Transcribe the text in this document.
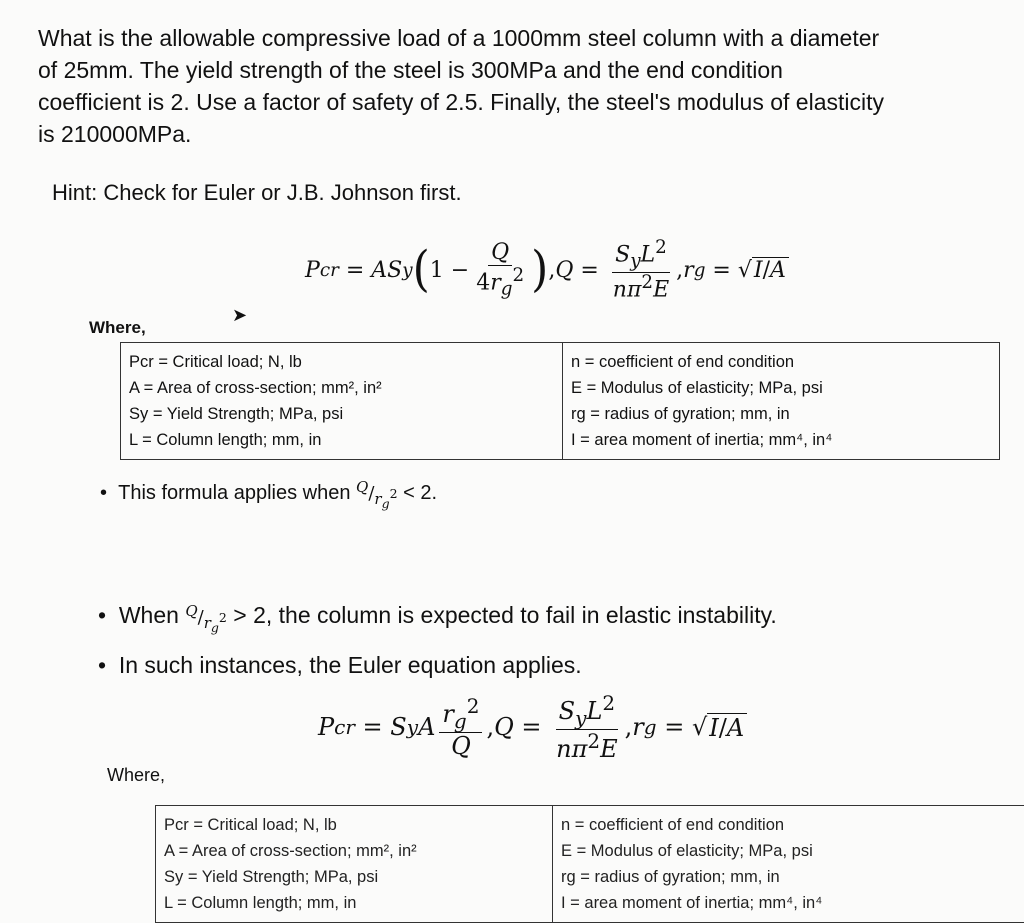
What is the allowable compressive load of a 1000mm steel column with a diameter
of 25mm. The yield strength of the steel is 300MPa and the end condition
coefficient is 2. Use a factor of safety of 2.5. Finally, the steel's modulus of elasticity
is 210000MPa.
Hint: Check for Euler or J.B. Johnson first.
P cr = AS y ( $1 - \frac{Q}{4r_g^2}$ ) , $Q = \frac{S_yL^2}{n\pi^2E}$ , r g = √ I/A
Where,
➤
Pcr = Critical load; N, lb
A = Area of cross-section; mm², in²
Sy = Yield Strength; MPa, psi
L = Column length; mm, in

n = coefficient of end condition
E = Modulus of elasticity; MPa, psi
rg = radius of gyration; mm, in
I = area moment of inertia; mm⁴, in⁴
•  This formula applies when $^Q/_{r_g^2} < 2$.
•  When $^Q/_{r_g^2} > 2$, the column is expected to fail in elastic instability.
•  In such instances, the Euler equation applies.
P cr = S y A $\frac{r_g^2}{Q}$ , $Q = \frac{S_yL^2}{n\pi^2E}$ , r g = √ I/A
Where,
Pcr = Critical load; N, lb
A = Area of cross-section; mm², in²
Sy = Yield Strength; MPa, psi
L = Column length; mm, in

n = coefficient of end condition
E = Modulus of elasticity; MPa, psi
rg = radius of gyration; mm, in
I = area moment of inertia; mm⁴, in⁴
